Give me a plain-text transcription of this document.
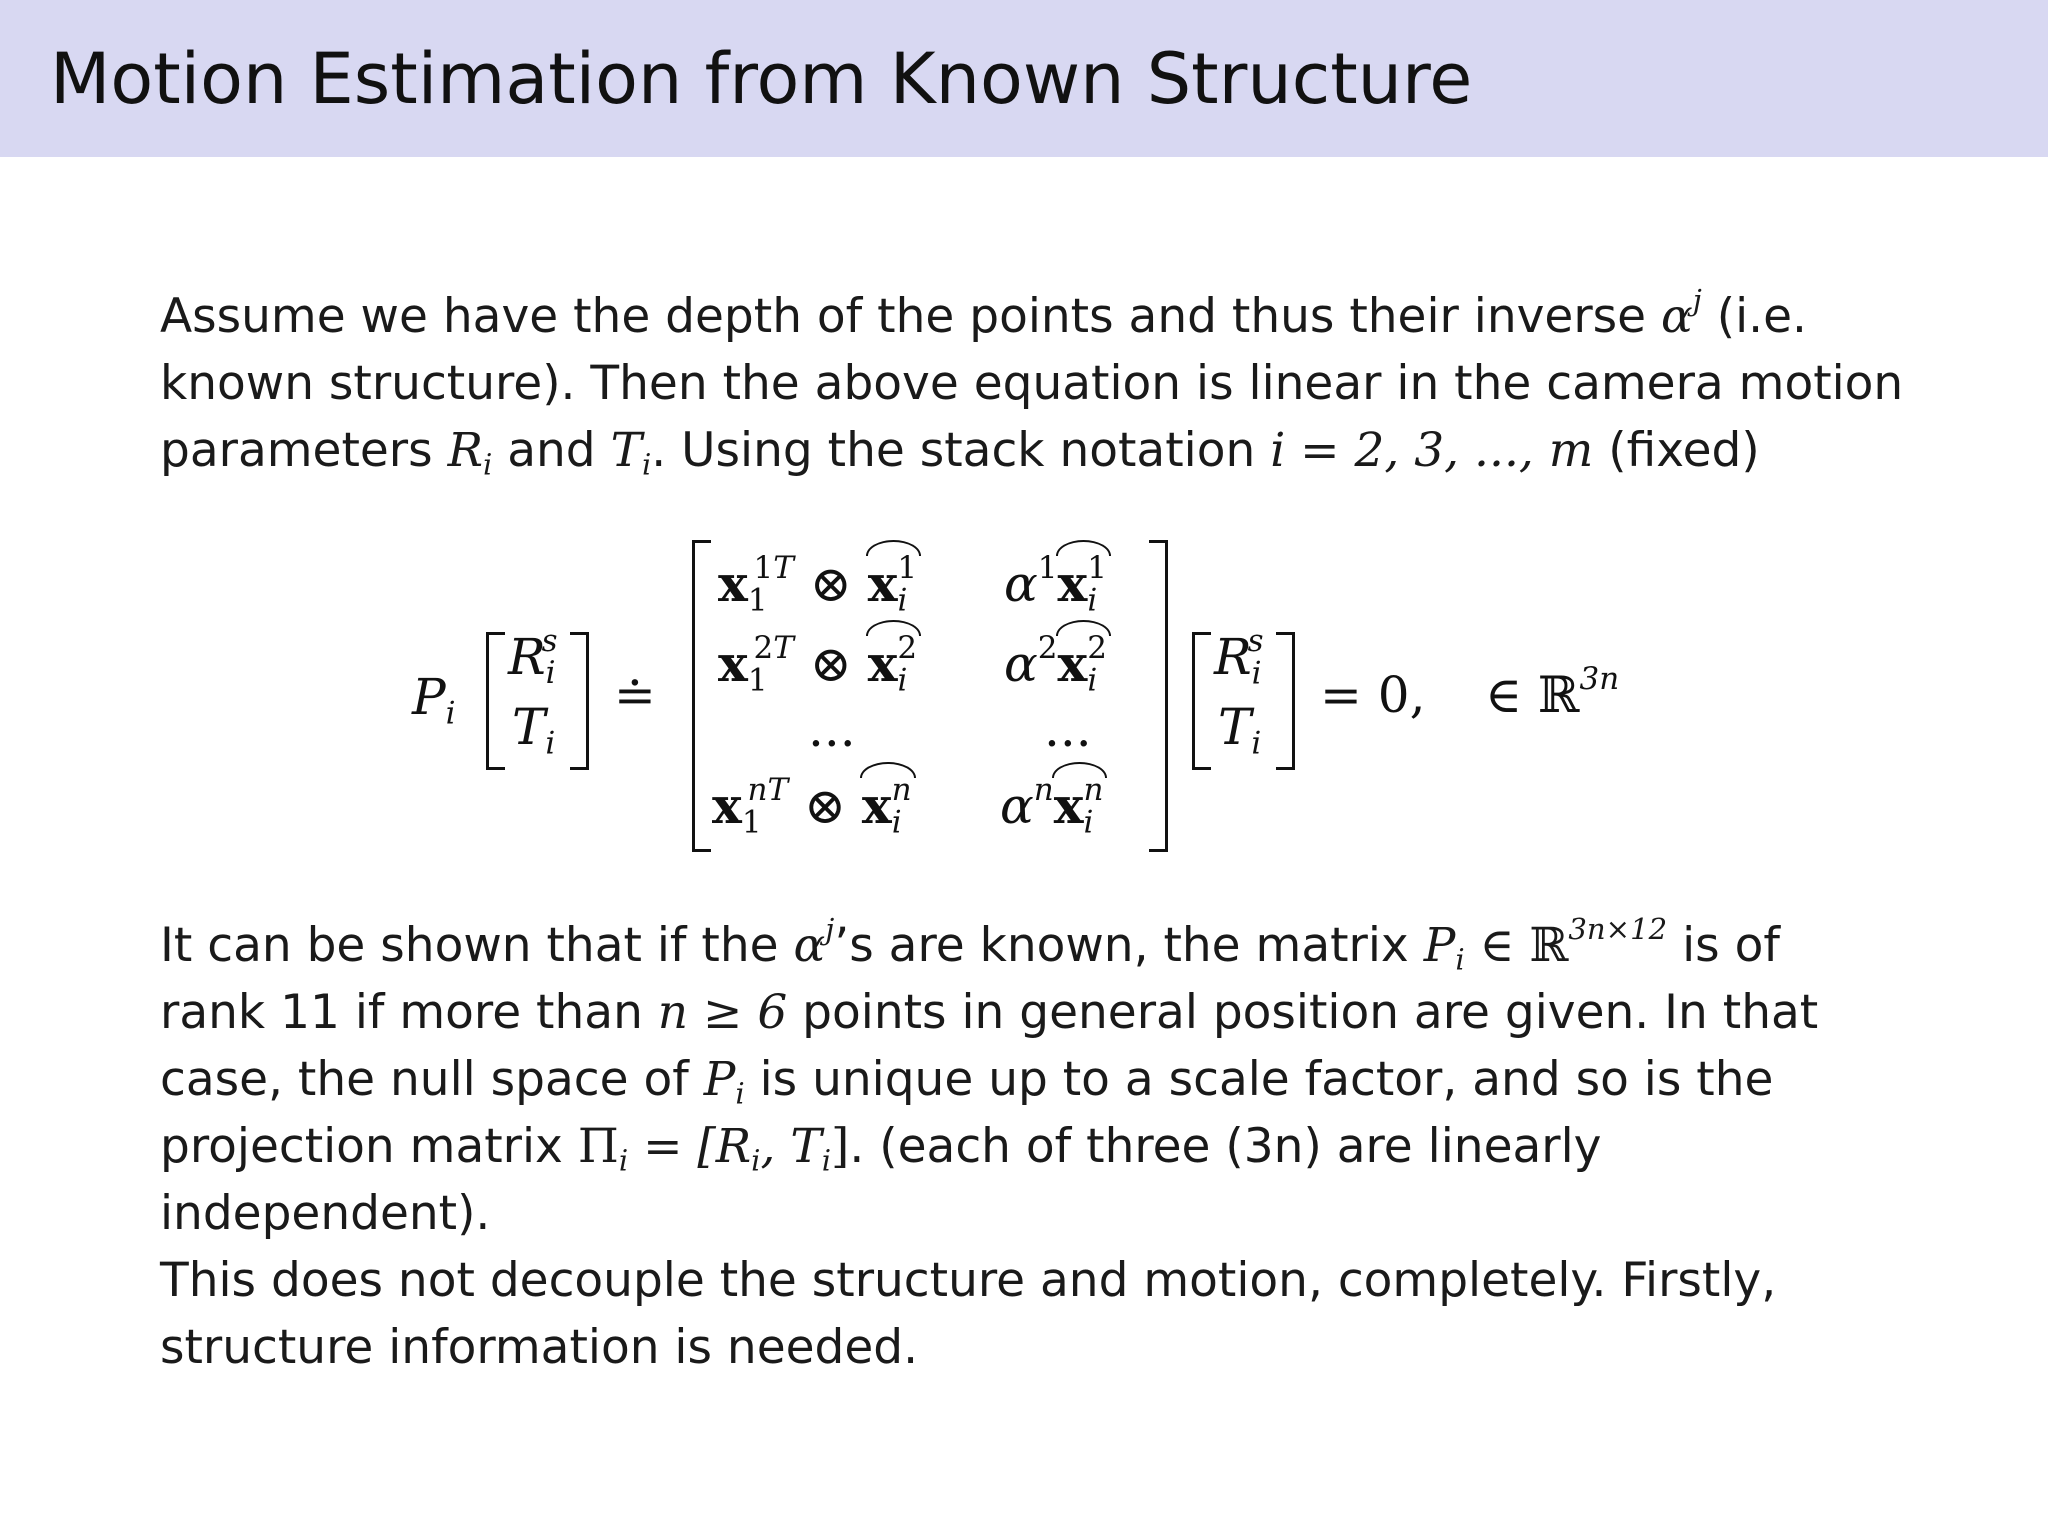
Motion Estimation from Known Structure
Assume we have the depth of the points and thus their inverse $\alpha^j$ (i.e.
known structure). Then the above equation is linear in the camera motion
parameters $R_i$ and $T_i$. Using the stack notation i = 2, 3, ..., m (fixed)
$P_i$
$R_i^s$
$T_i$
≐
$x_1^{1T}$ ⊗ $x_i^1$ $\alpha^1x_i^1$
$x_1^{2T}$ ⊗ $x_i^2$ $\alpha^2x_i^2$
...	...
$x_1^{nT}$ ⊗ $x_i^n$ $\alpha^nx_i^n$
$R_i^s$
$T_i$
= 0, ∈ ℝ$^{3n}$
It can be shown that if the $\alpha^j’s$ are known, the matrix $P_i$ ∈ ℝ$^{3n\times 12}$ is of
rank 11 if more than n ≥ 6 points in general position are given. In that
case, the null space of $P_i$ is unique up to a scale factor, and so is the
projection matrix $\Pi_i = [R_i$, $T_i$]. (each of three (3n) are linearly
independent).
This does not decouple the structure and motion, completely. Firstly,
structure information is needed.
